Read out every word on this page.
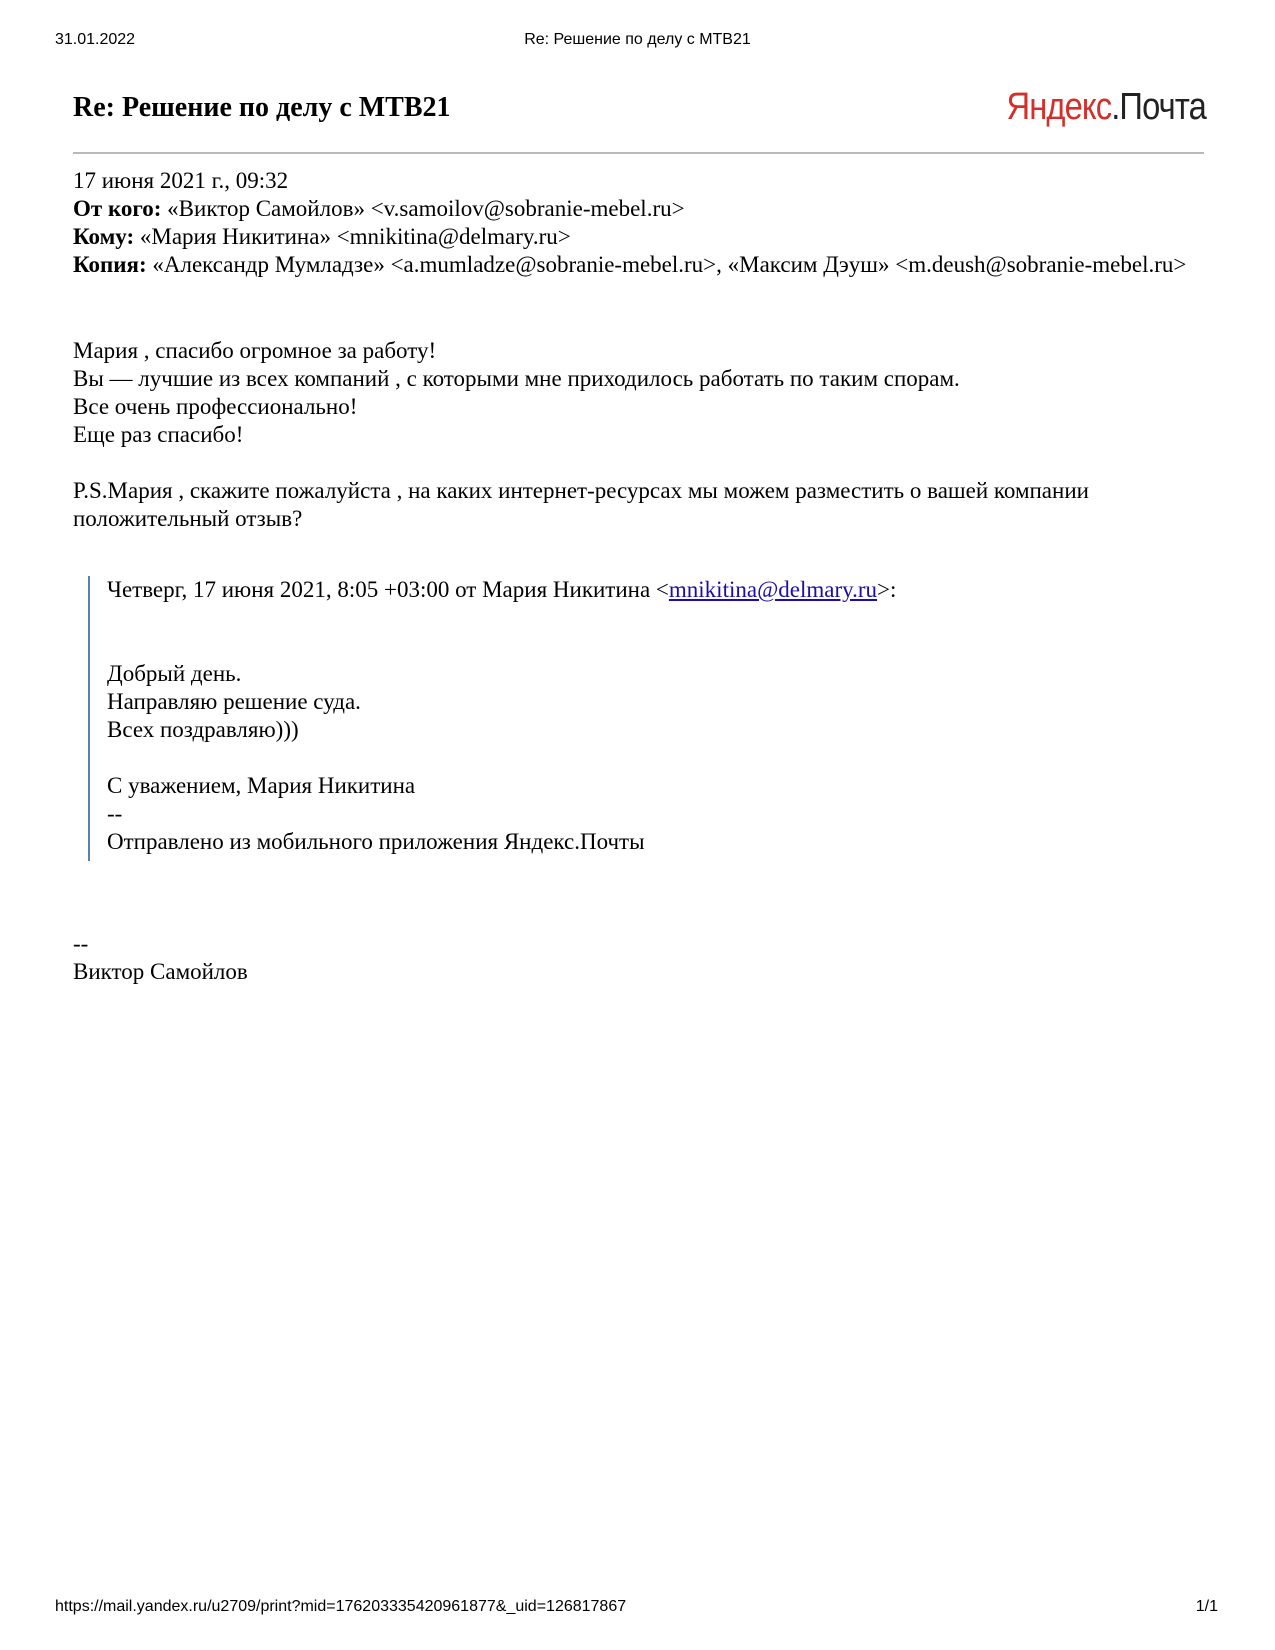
31.01.2022	Re: Решение по делу с MTB21
Re: Решение по делу с MTB21	Яндекс.Почта
17 июня 2021 г., 09:32
От кого: «Виктор Самойлов» <v.samoilov@sobranie-mebel.ru>
Кому: «Мария Никитина» <mnikitina@delmary.ru>
Копия: «Александр Мумладзе» <a.mumladze@sobranie-mebel.ru>, «Максим Дэуш» <m.deush@sobranie-mebel.ru>

Мария , спасибо огромное за работу!

Вы — лучшие из всех компаний , с которыми мне приходилось работать по таким спорам.

Все очень профессионально!

Еще раз спасибо!

P.S.Мария , скажите пожалуйста , на каких интернет-ресурсах мы можем разместить о вашей компании положительный отзыв?

Четверг, 17 июня 2021, 8:05 +03:00 от Мария Никитина <mnikitina@delmary.ru>:

Добрый день.

Направляю решение суда.

Всех поздравляю)))

С уважением, Мария Никитина

--

Отправлено из мобильного приложения Яндекс.Почты

--

Виктор Самойлов

https://mail.yandex.ru/u2709/print?mid=176203335420961877&_uid=126817867	1/1
